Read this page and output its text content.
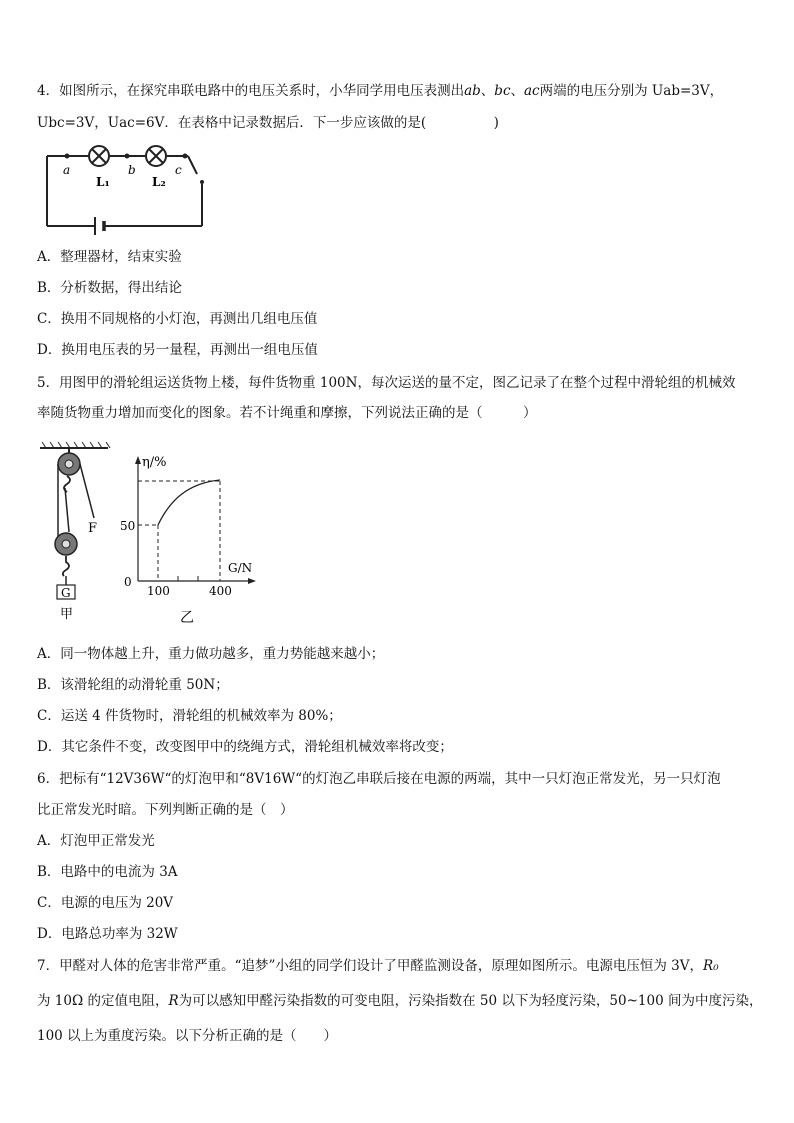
4．如图所示，在探究串联电路中的电压关系时，小华同学用电压表测出ab、bc、ac两端的电压分别为 Uab=3V，
Ubc=3V，Uac=6V．在表格中记录数据后．下一步应该做的是(　　　　　)
a	b	c
L₁	L₂
A．整理器材，结束实验
B．分析数据，得出结论
C．换用不同规格的小灯泡，再测出几组电压值
D．换用电压表的另一量程，再测出一组电压值
5．用图甲的滑轮组运送货物上楼，每件货物重 100N，每次运送的量不定，图乙记录了在整个过程中滑轮组的机械效
率随货物重力增加而变化的图象。若不计绳重和摩擦，下列说法正确的是（　　　）
G
F
甲
η/%
50
0
G/N
100	400
乙
A．同一物体越上升，重力做功越多，重力势能越来越小；
B．该滑轮组的动滑轮重 50N；
C．运送 4 件货物时，滑轮组的机械效率为 80%；
D．其它条件不变，改变图甲中的绕绳方式，滑轮组机械效率将改变；
6．把标有“12V36W“的灯泡甲和“8V16W“的灯泡乙串联后接在电源的两端，其中一只灯泡正常发光，另一只灯泡
比正常发光时暗。下列判断正确的是（　）
A．灯泡甲正常发光
B．电路中的电流为 3A
C．电源的电压为 20V
D．电路总功率为 32W
7．甲醛对人体的危害非常严重。“追梦”小组的同学们设计了甲醛监测设备，原理如图所示。电源电压恒为 3V，R₀
为 10Ω 的定值电阻，R为可以感知甲醛污染指数的可变电阻，污染指数在 50 以下为轻度污染，50~100 间为中度污染，
100 以上为重度污染。以下分析正确的是（　　）
